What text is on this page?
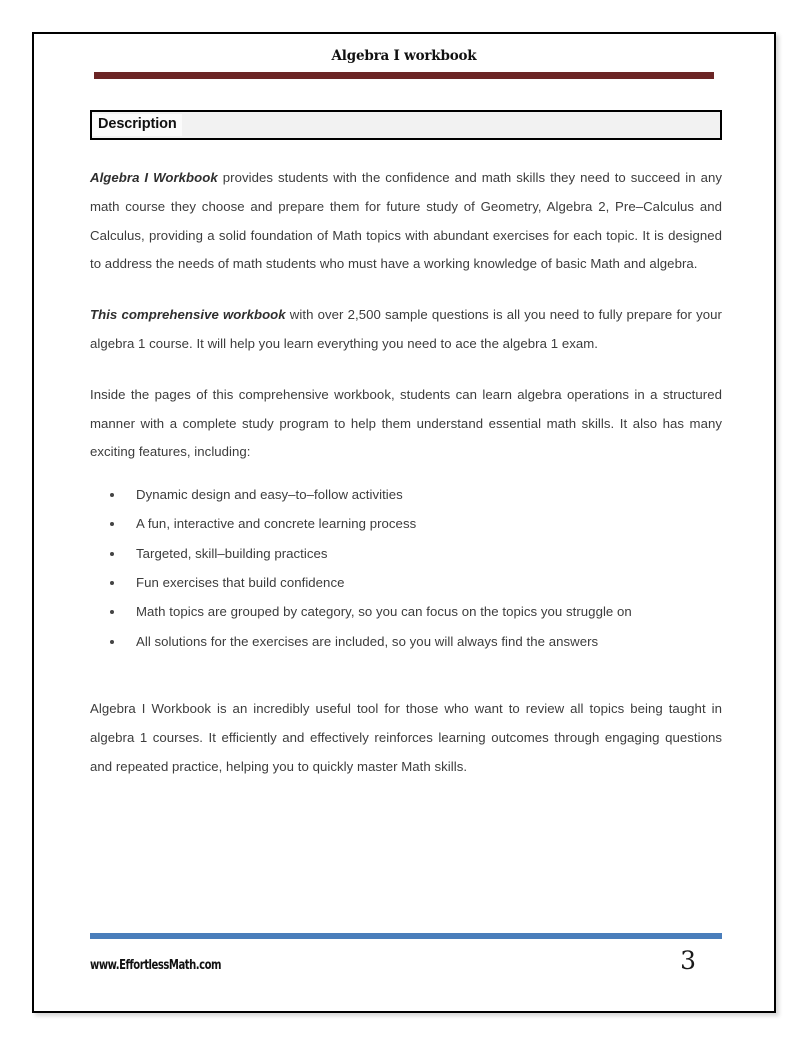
Algebra I workbook
Description

Algebra I Workbook provides students with the confidence and math skills they need to succeed in any math course they choose and prepare them for future study of Geometry, Algebra 2, Pre–Calculus and Calculus, providing a solid foundation of Math topics with abundant exercises for each topic. It is designed to address the needs of math students who must have a working knowledge of basic Math and algebra.

This comprehensive workbook with over 2,500 sample questions is all you need to fully prepare for your algebra 1 course. It will help you learn everything you need to ace the algebra 1 exam.

Inside the pages of this comprehensive workbook, students can learn algebra operations in a structured manner with a complete study program to help them understand essential math skills. It also has many exciting features, including:

Dynamic design and easy–to–follow activities
A fun, interactive and concrete learning process
Targeted, skill–building practices
Fun exercises that build confidence
Math topics are grouped by category, so you can focus on the topics you struggle on
All solutions for the exercises are included, so you will always find the answers

Algebra I Workbook is an incredibly useful tool for those who want to review all topics being taught in algebra 1 courses. It efficiently and effectively reinforces learning outcomes through engaging questions and repeated practice, helping you to quickly master Math skills.

www.EffortlessMath.com	3
